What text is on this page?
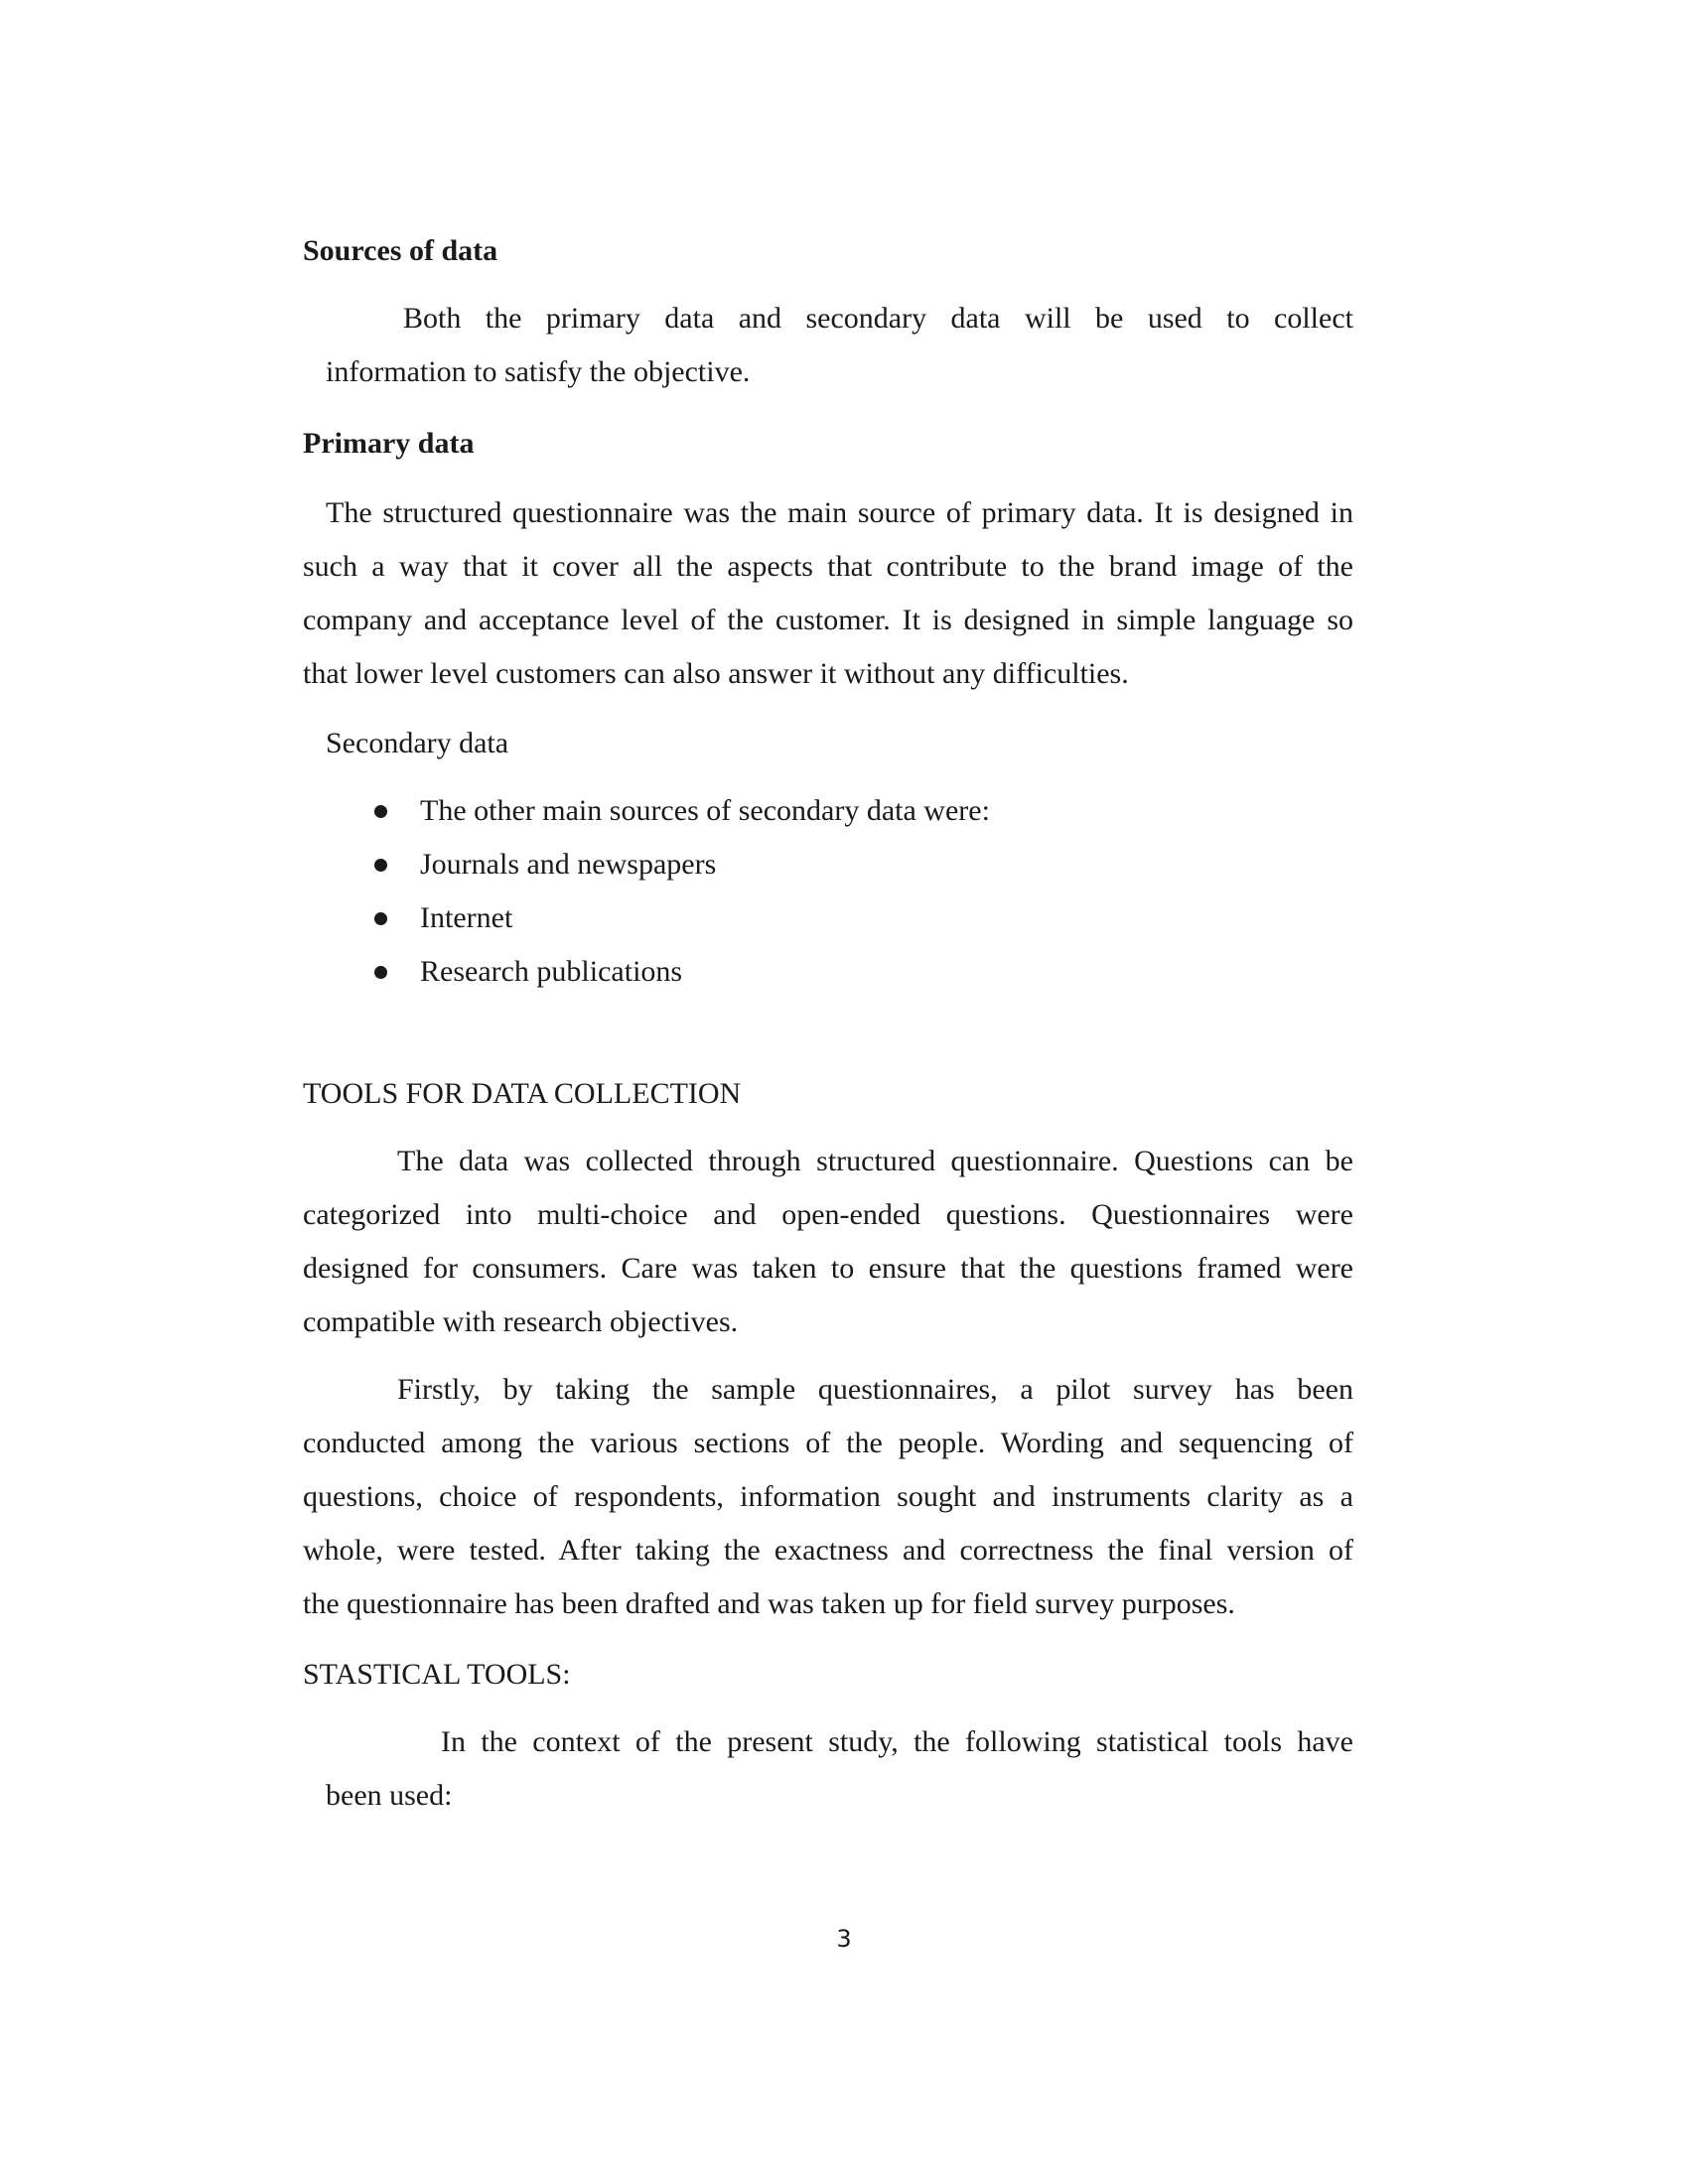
Sources of data

Both the primary data and secondary data will be used to collect
information to satisfy the objective.

Primary data

The structured questionnaire was the main source of primary data. It is designed in
such a way that it cover all the aspects that contribute to the brand image of the
company and acceptance level of the customer. It is designed in simple language so
that lower level customers can also answer it without any difficulties.

Secondary data

The other main sources of secondary data were:
Journals and newspapers
Internet
Research publications

TOOLS FOR DATA COLLECTION

The data was collected through structured questionnaire. Questions can be
categorized into multi-choice and open-ended questions. Questionnaires were
designed for consumers. Care was taken to ensure that the questions framed were
compatible with research objectives.
Firstly, by taking the sample questionnaires, a pilot survey has been
conducted among the various sections of the people. Wording and sequencing of
questions, choice of respondents, information sought and instruments clarity as a
whole, were tested. After taking the exactness and correctness the final version of
the questionnaire has been drafted and was taken up for field survey purposes.

STASTICAL TOOLS:

In the context of the present study, the following statistical tools have
been used:
3
